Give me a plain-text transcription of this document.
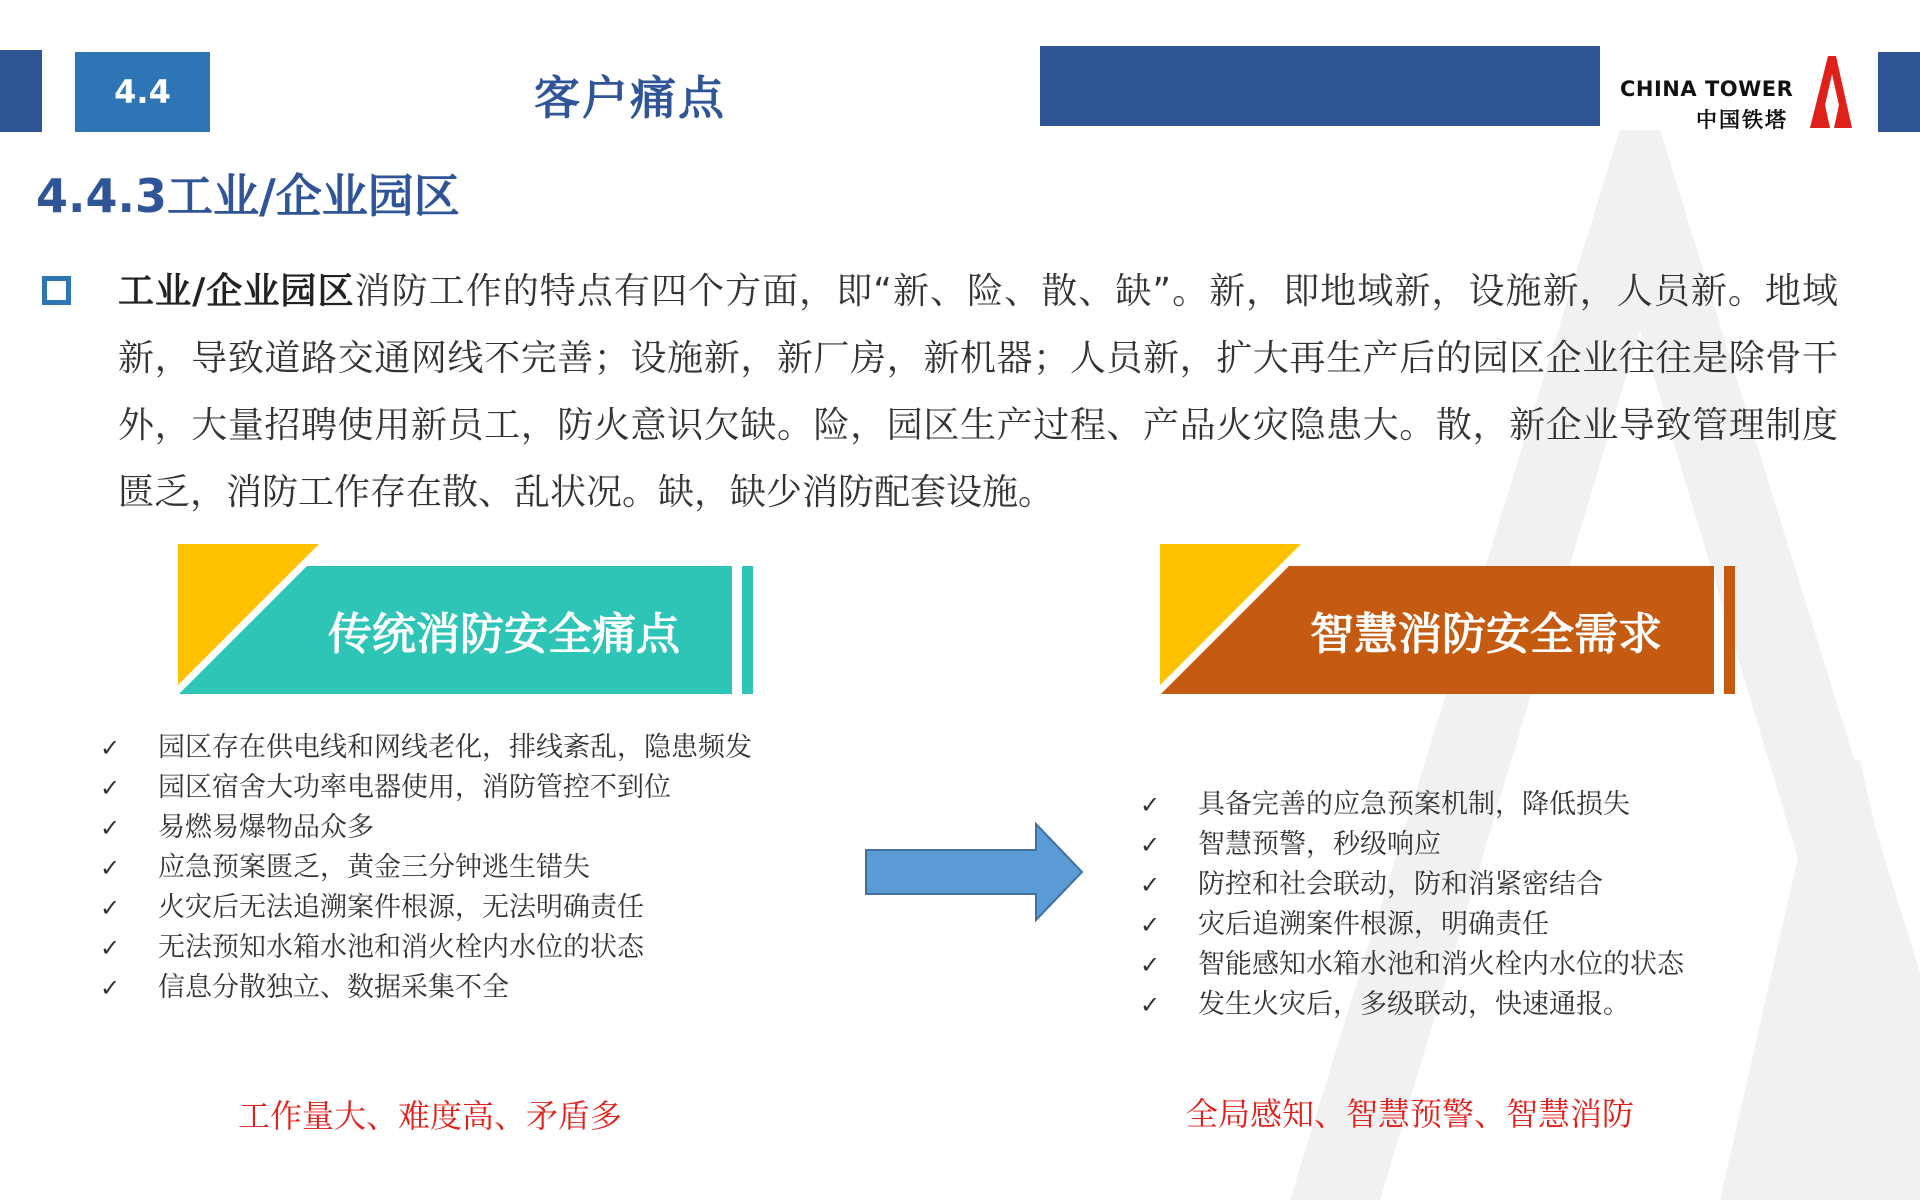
4.4	客户痛点	CHINA TOWER
中国铁塔
4.4.3工业/企业园区
工业/企业园区消防工作的特点有四个方面，即“新、险、散、缺”。新，即地域新，设施新，人员新。地域新，导致道路交通网线不完善；设施新，新厂房，新机器；人员新，扩大再生产后的园区企业往往是除骨干外，大量招聘使用新员工，防火意识欠缺。险，园区生产过程、产品火灾隐患大。散，新企业导致管理制度匮乏，消防工作存在散、乱状况。缺，缺少消防配套设施。
传统消防安全痛点	智慧消防安全需求
✓	园区存在供电线和网线老化，排线紊乱，隐患频发
✓	园区宿舍大功率电器使用，消防管控不到位
✓	易燃易爆物品众多
✓	应急预案匮乏，黄金三分钟逃生错失
✓	火灾后无法追溯案件根源，无法明确责任
✓	无法预知水箱水池和消火栓内水位的状态
✓	信息分散独立、数据采集不全
✓	具备完善的应急预案机制，降低损失
✓	智慧预警，秒级响应
✓	防控和社会联动，防和消紧密结合
✓	灾后追溯案件根源，明确责任
✓	智能感知水箱水池和消火栓内水位的状态
✓	发生火灾后，多级联动，快速通报。
工作量大、难度高、矛盾多	全局感知、智慧预警、智慧消防
